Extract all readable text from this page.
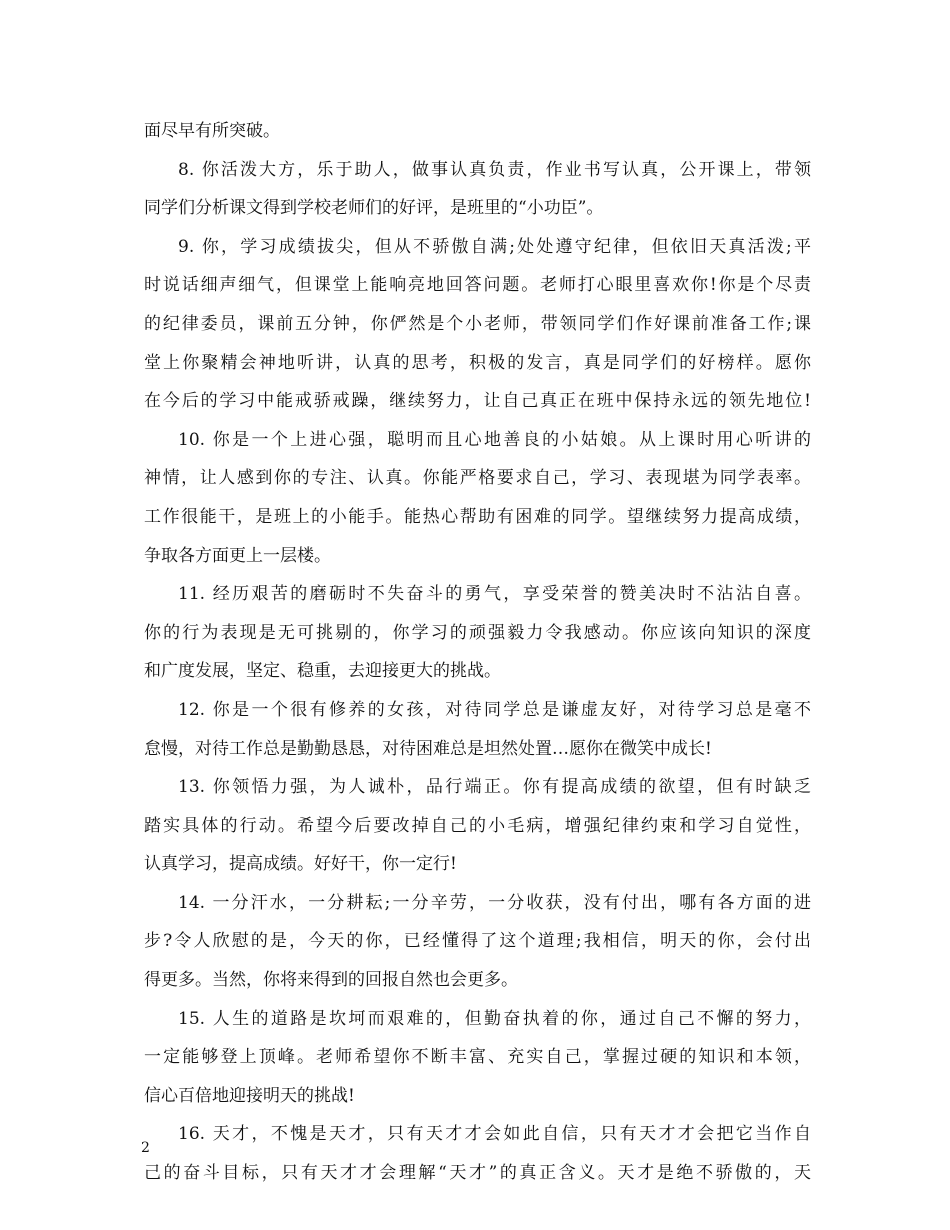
面尽早有所突破。
8. 你活泼大方，乐于助人，做事认真负责，作业书写认真，公开课上，带领
同学们分析课文得到学校老师们的好评，是班里的“小功臣”。
9. 你，学习成绩拔尖，但从不骄傲自满;处处遵守纪律，但依旧天真活泼;平
时说话细声细气，但课堂上能响亮地回答问题。老师打心眼里喜欢你!你是个尽责
的纪律委员，课前五分钟，你俨然是个小老师，带领同学们作好课前准备工作;课
堂上你聚精会神地听讲，认真的思考，积极的发言，真是同学们的好榜样。愿你
在今后的学习中能戒骄戒躁，继续努力，让自己真正在班中保持永远的领先地位!
10. 你是一个上进心强，聪明而且心地善良的小姑娘。从上课时用心听讲的
神情，让人感到你的专注、认真。你能严格要求自己，学习、表现堪为同学表率。
工作很能干，是班上的小能手。能热心帮助有困难的同学。望继续努力提高成绩，
争取各方面更上一层楼。
11. 经历艰苦的磨砺时不失奋斗的勇气，享受荣誉的赞美决时不沾沾自喜。
你的行为表现是无可挑剔的，你学习的顽强毅力令我感动。你应该向知识的深度
和广度发展，坚定、稳重，去迎接更大的挑战。
12. 你是一个很有修养的女孩，对待同学总是谦虚友好，对待学习总是毫不
怠慢，对待工作总是勤勤恳恳，对待困难总是坦然处置…愿你在微笑中成长!
13. 你领悟力强，为人诚朴，品行端正。你有提高成绩的欲望，但有时缺乏
踏实具体的行动。希望今后要改掉自己的小毛病，增强纪律约束和学习自觉性，
认真学习，提高成绩。好好干，你一定行!
14. 一分汗水，一分耕耘;一分辛劳，一分收获，没有付出，哪有各方面的进
步?令人欣慰的是，今天的你，已经懂得了这个道理;我相信，明天的你，会付出
得更多。当然，你将来得到的回报自然也会更多。
15. 人生的道路是坎坷而艰难的，但勤奋执着的你，通过自己不懈的努力，
一定能够登上顶峰。老师希望你不断丰富、充实自己，掌握过硬的知识和本领，
信心百倍地迎接明天的挑战!
16. 天才，不愧是天才，只有天才才会如此自信，只有天才才会把它当作自
己的奋斗目标，只有天才才会理解“天才”的真正含义。天才是绝不骄傲的，天
2
